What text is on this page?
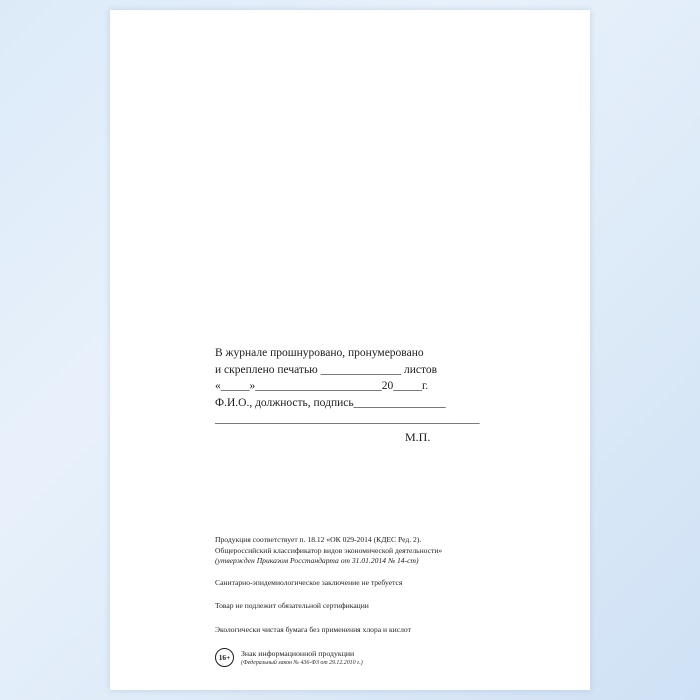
В журнале прошнуровано, пронумеровано
и скреплено печатью ______________ листов
«_____»______________________20_____г.
Ф.И.О., должность, подпись________________
______________________________________________
М.П.
Продукция соответствует п. 18.12 «ОК 029-2014 (КДЕС Ред. 2).
Общероссийский классификатор видов экономической деятельности»
(утвержден Приказом Росстандарта от 31.01.2014 № 14-ст)
Санитарно-эпидемиологическое заключение не требуется
Товар не подлежит обязательной сертификации
Экологически чистая бумага без применения хлора и кислот
16+	Знак информационной продукции
(Федеральный закон № 436-ФЗ от 29.12.2010 г.)
